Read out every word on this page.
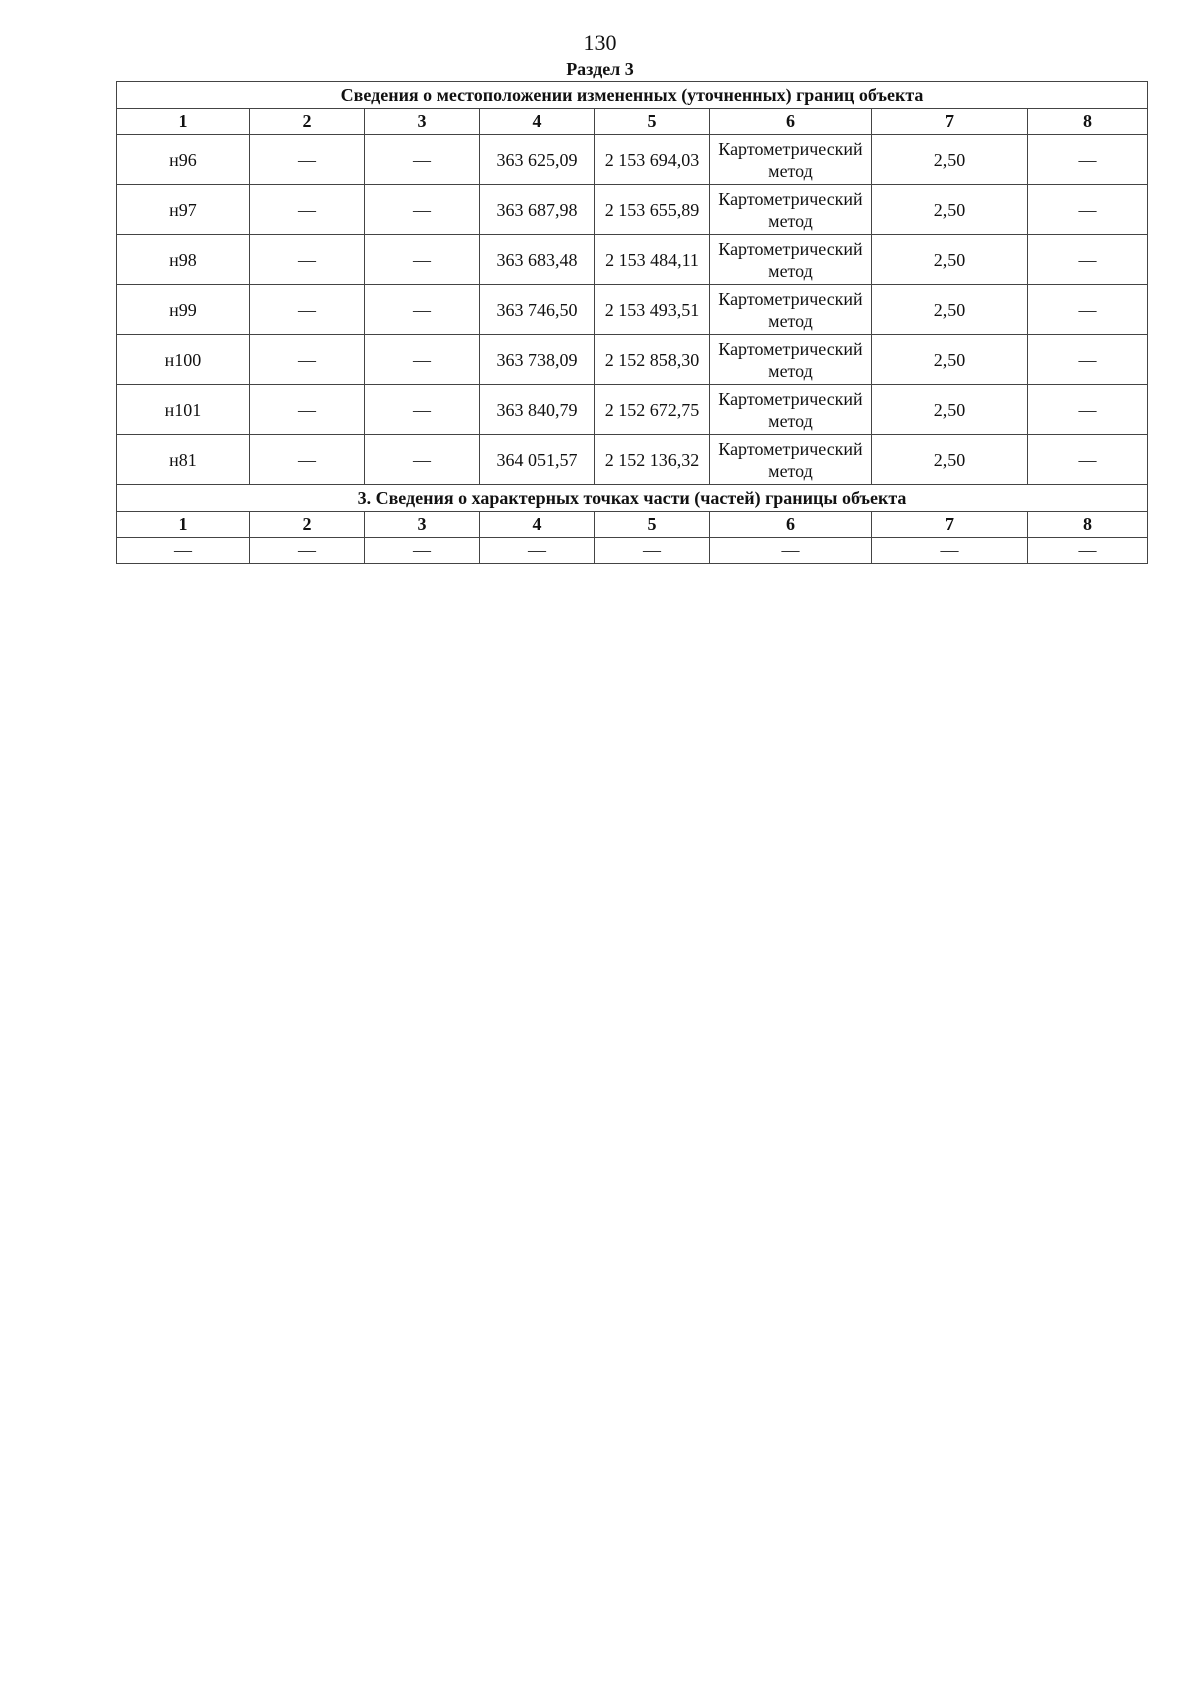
130
Раздел 3
Сведения о местоположении измененных (уточненных) границ объекта							
1	2	3	4	5	6	7	8
н96	—	—	363 625,09	2 153 694,03	Картометрический метод	2,50	—
н97	—	—	363 687,98	2 153 655,89	Картометрический метод	2,50	—
н98	—	—	363 683,48	2 153 484,11	Картометрический метод	2,50	—
н99	—	—	363 746,50	2 153 493,51	Картометрический метод	2,50	—
н100	—	—	363 738,09	2 152 858,30	Картометрический метод	2,50	—
н101	—	—	363 840,79	2 152 672,75	Картометрический метод	2,50	—
н81	—	—	364 051,57	2 152 136,32	Картометрический метод	2,50	—
3. Сведения о характерных точках части (частей) границы объекта							
1	2	3	4	5	6	7	8
—	—	—	—	—	—	—	—
